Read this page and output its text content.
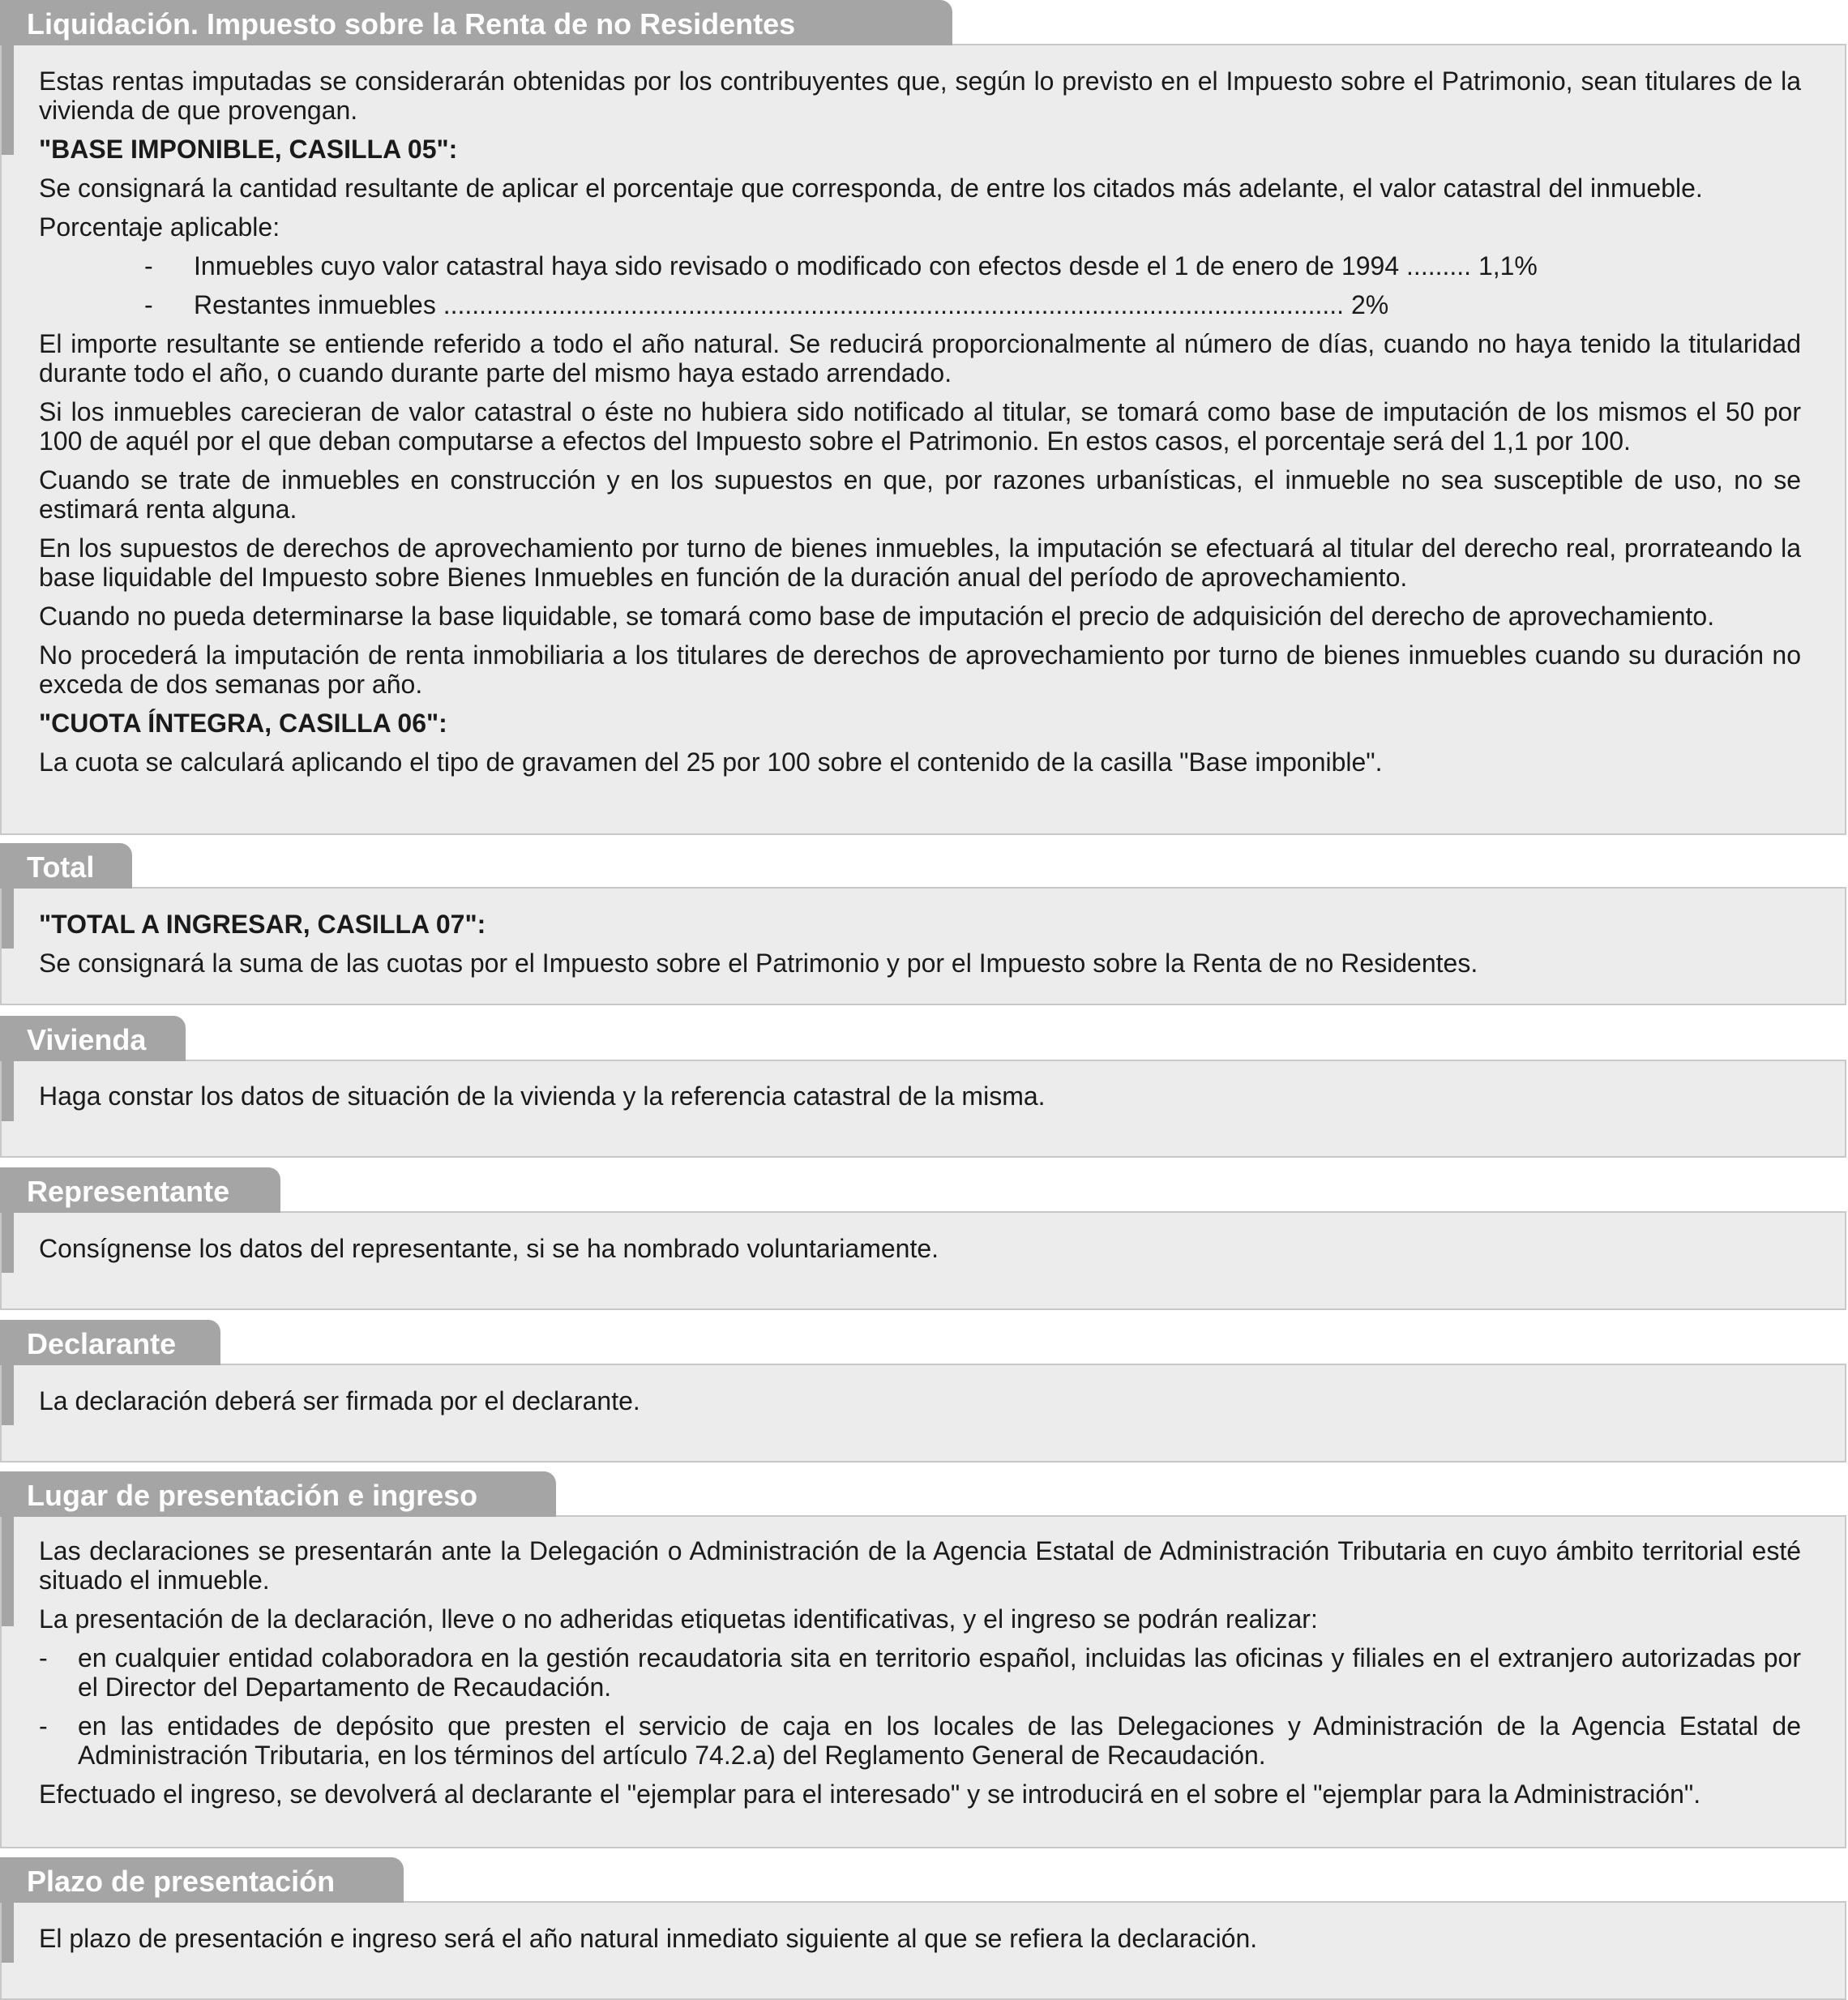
Liquidación. Impuesto sobre la Renta de no Residentes

Estas rentas imputadas se considerarán obtenidas por los contribuyentes que, según lo previsto en el Impuesto sobre el Patrimonio, sean titulares de la vivienda de que provengan.

"BASE IMPONIBLE, CASILLA 05":

Se consignará la cantidad resultante de aplicar el porcentaje que corresponda, de entre los citados más adelante, el valor catastral del inmueble.

Porcentaje aplicable:

- Inmuebles cuyo valor catastral haya sido revisado o modificado con efectos desde el 1 de enero de 1994 ......... 1,1%
- Restantes inmuebles ............................................................................................................................. 2%

El importe resultante se entiende referido a todo el año natural. Se reducirá proporcionalmente al número de días, cuando no haya tenido la titularidad durante todo el año, o cuando durante parte del mismo haya estado arrendado.

Si los inmuebles carecieran de valor catastral o éste no hubiera sido notificado al titular, se tomará como base de imputación de los mismos el 50 por 100 de aquél por el que deban computarse a efectos del Impuesto sobre el Patrimonio. En estos casos, el porcentaje será del 1,1 por 100.

Cuando se trate de inmuebles en construcción y en los supuestos en que, por razones urbanísticas, el inmueble no sea susceptible de uso, no se estimará renta alguna.

En los supuestos de derechos de aprovechamiento por turno de bienes inmuebles, la imputación se efectuará al titular del derecho real, prorrateando la base liquidable del Impuesto sobre Bienes Inmuebles en función de la duración anual del período de aprovechamiento.

Cuando no pueda determinarse la base liquidable, se tomará como base de imputación el precio de adquisición del derecho de aprovechamiento.

No procederá la imputación de renta inmobiliaria a los titulares de derechos de aprovechamiento por turno de bienes inmuebles cuando su duración no exceda de dos semanas por año.

"CUOTA ÍNTEGRA, CASILLA 06":

La cuota se calculará aplicando el tipo de gravamen del 25 por 100 sobre el contenido de la casilla "Base imponible".

Total

"TOTAL A INGRESAR, CASILLA 07":

Se consignará la suma de las cuotas por el Impuesto sobre el Patrimonio y por el Impuesto sobre la Renta de no Residentes.

Vivienda

Haga constar los datos de situación de la vivienda y la referencia catastral de la misma.

Representante

Consígnense los datos del representante, si se ha nombrado voluntariamente.

Declarante

La declaración deberá ser firmada por el declarante.

Lugar de presentación e ingreso

Las declaraciones se presentarán ante la Delegación o Administración de la Agencia Estatal de Administración Tributaria en cuyo ámbito territorial esté situado el inmueble.

La presentación de la declaración, lleve o no adheridas etiquetas identificativas, y el ingreso se podrán realizar:

- en cualquier entidad colaboradora en la gestión recaudatoria sita en territorio español, incluidas las oficinas y filiales en el extranjero autorizadas por el Director del Departamento de Recaudación.
- en las entidades de depósito que presten el servicio de caja en los locales de las Delegaciones y Administración de la Agencia Estatal de Administración Tributaria, en los términos del artículo 74.2.a) del Reglamento General de Recaudación.

Efectuado el ingreso, se devolverá al declarante el "ejemplar para el interesado" y se introducirá en el sobre el "ejemplar para la Administración".

Plazo de presentación

El plazo de presentación e ingreso será el año natural inmediato siguiente al que se refiera la declaración.
